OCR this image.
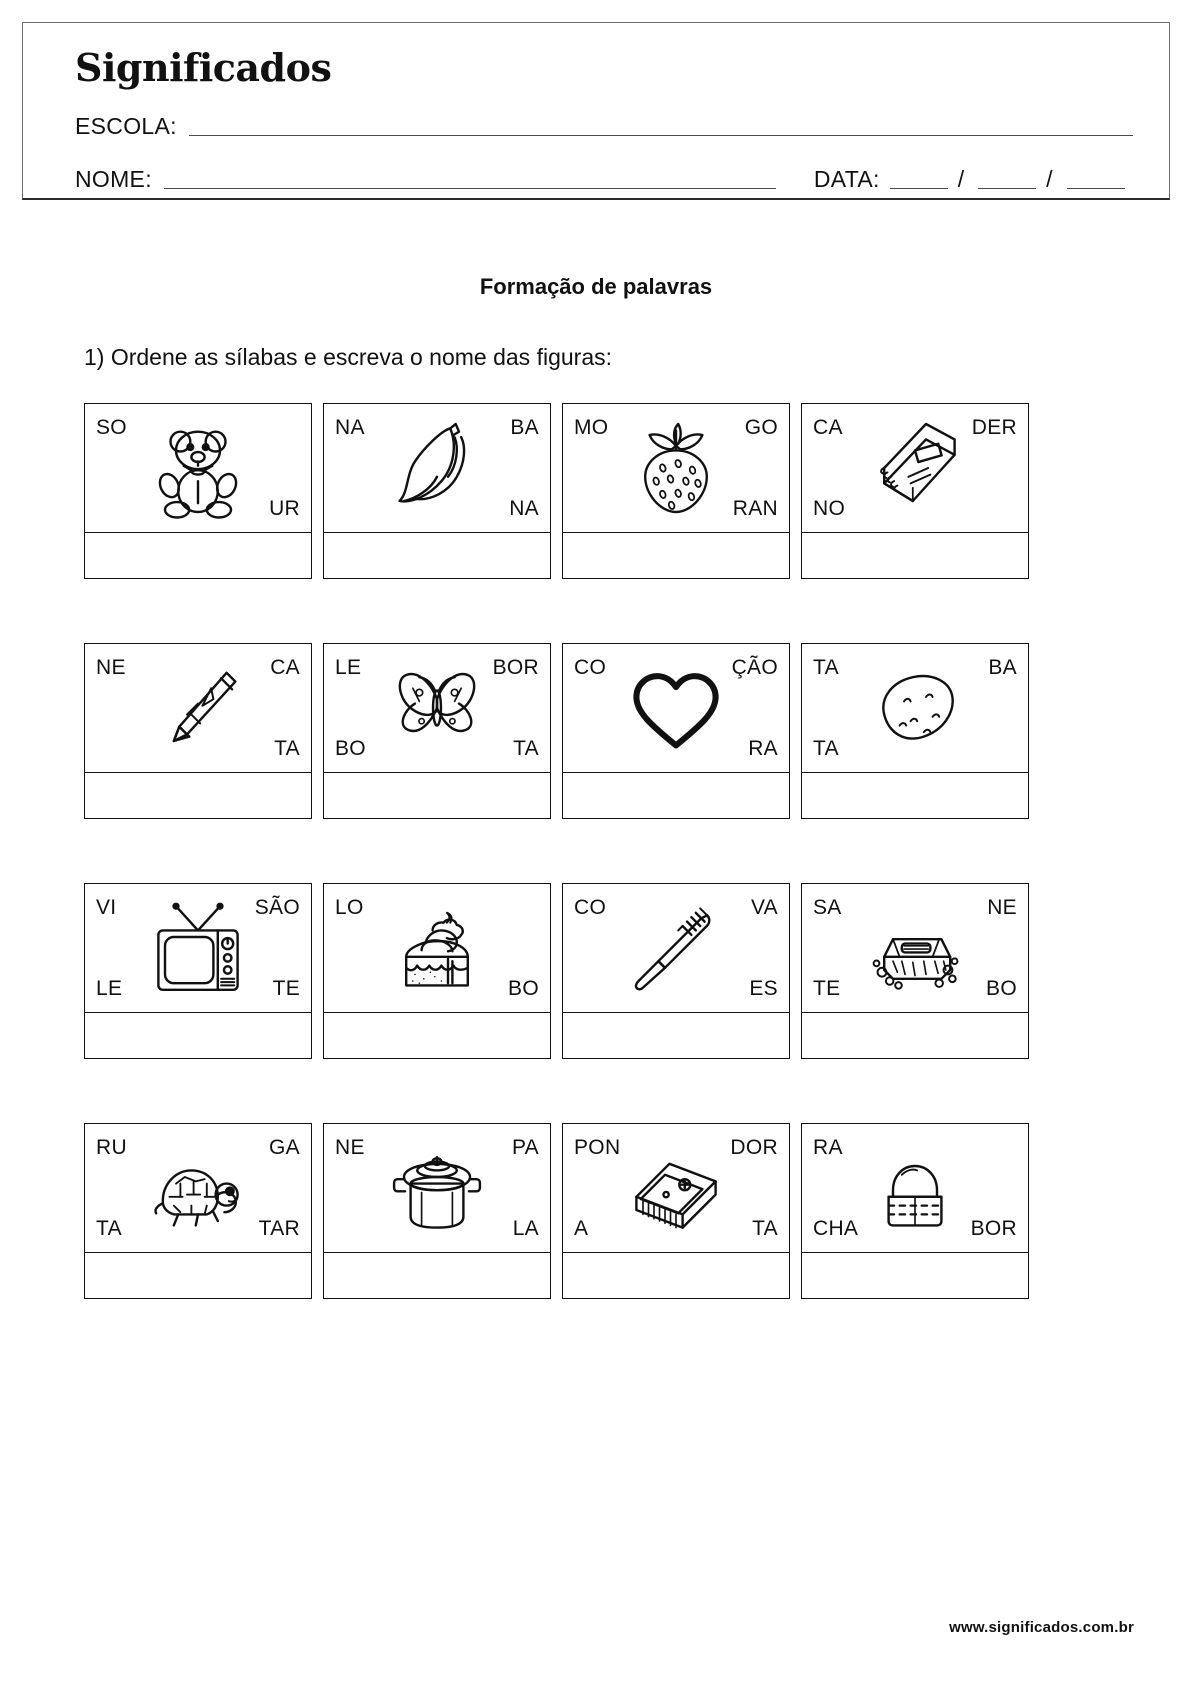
Significados
ESCOLA:
NOME:	DATA:	/	/
Formação de palavras
1) Ordene as sílabas e escreva o nome das figuras:
SO
UR
NA	BA
NA
MO	GO
RAN
CA	DER
NO
NE	CA
TA
LE	BOR
BO	TA
CO	ÇÃO
RA
TA	BA
TA
VI	SÃO
LE	TE
LO
BO
CO	VA
ES
SA	NE
TE	BO
RU	GA
TA	TAR
NE	PA
LA
PON	DOR
A	TA
RA
CHA	BOR
www.significados.com.br
